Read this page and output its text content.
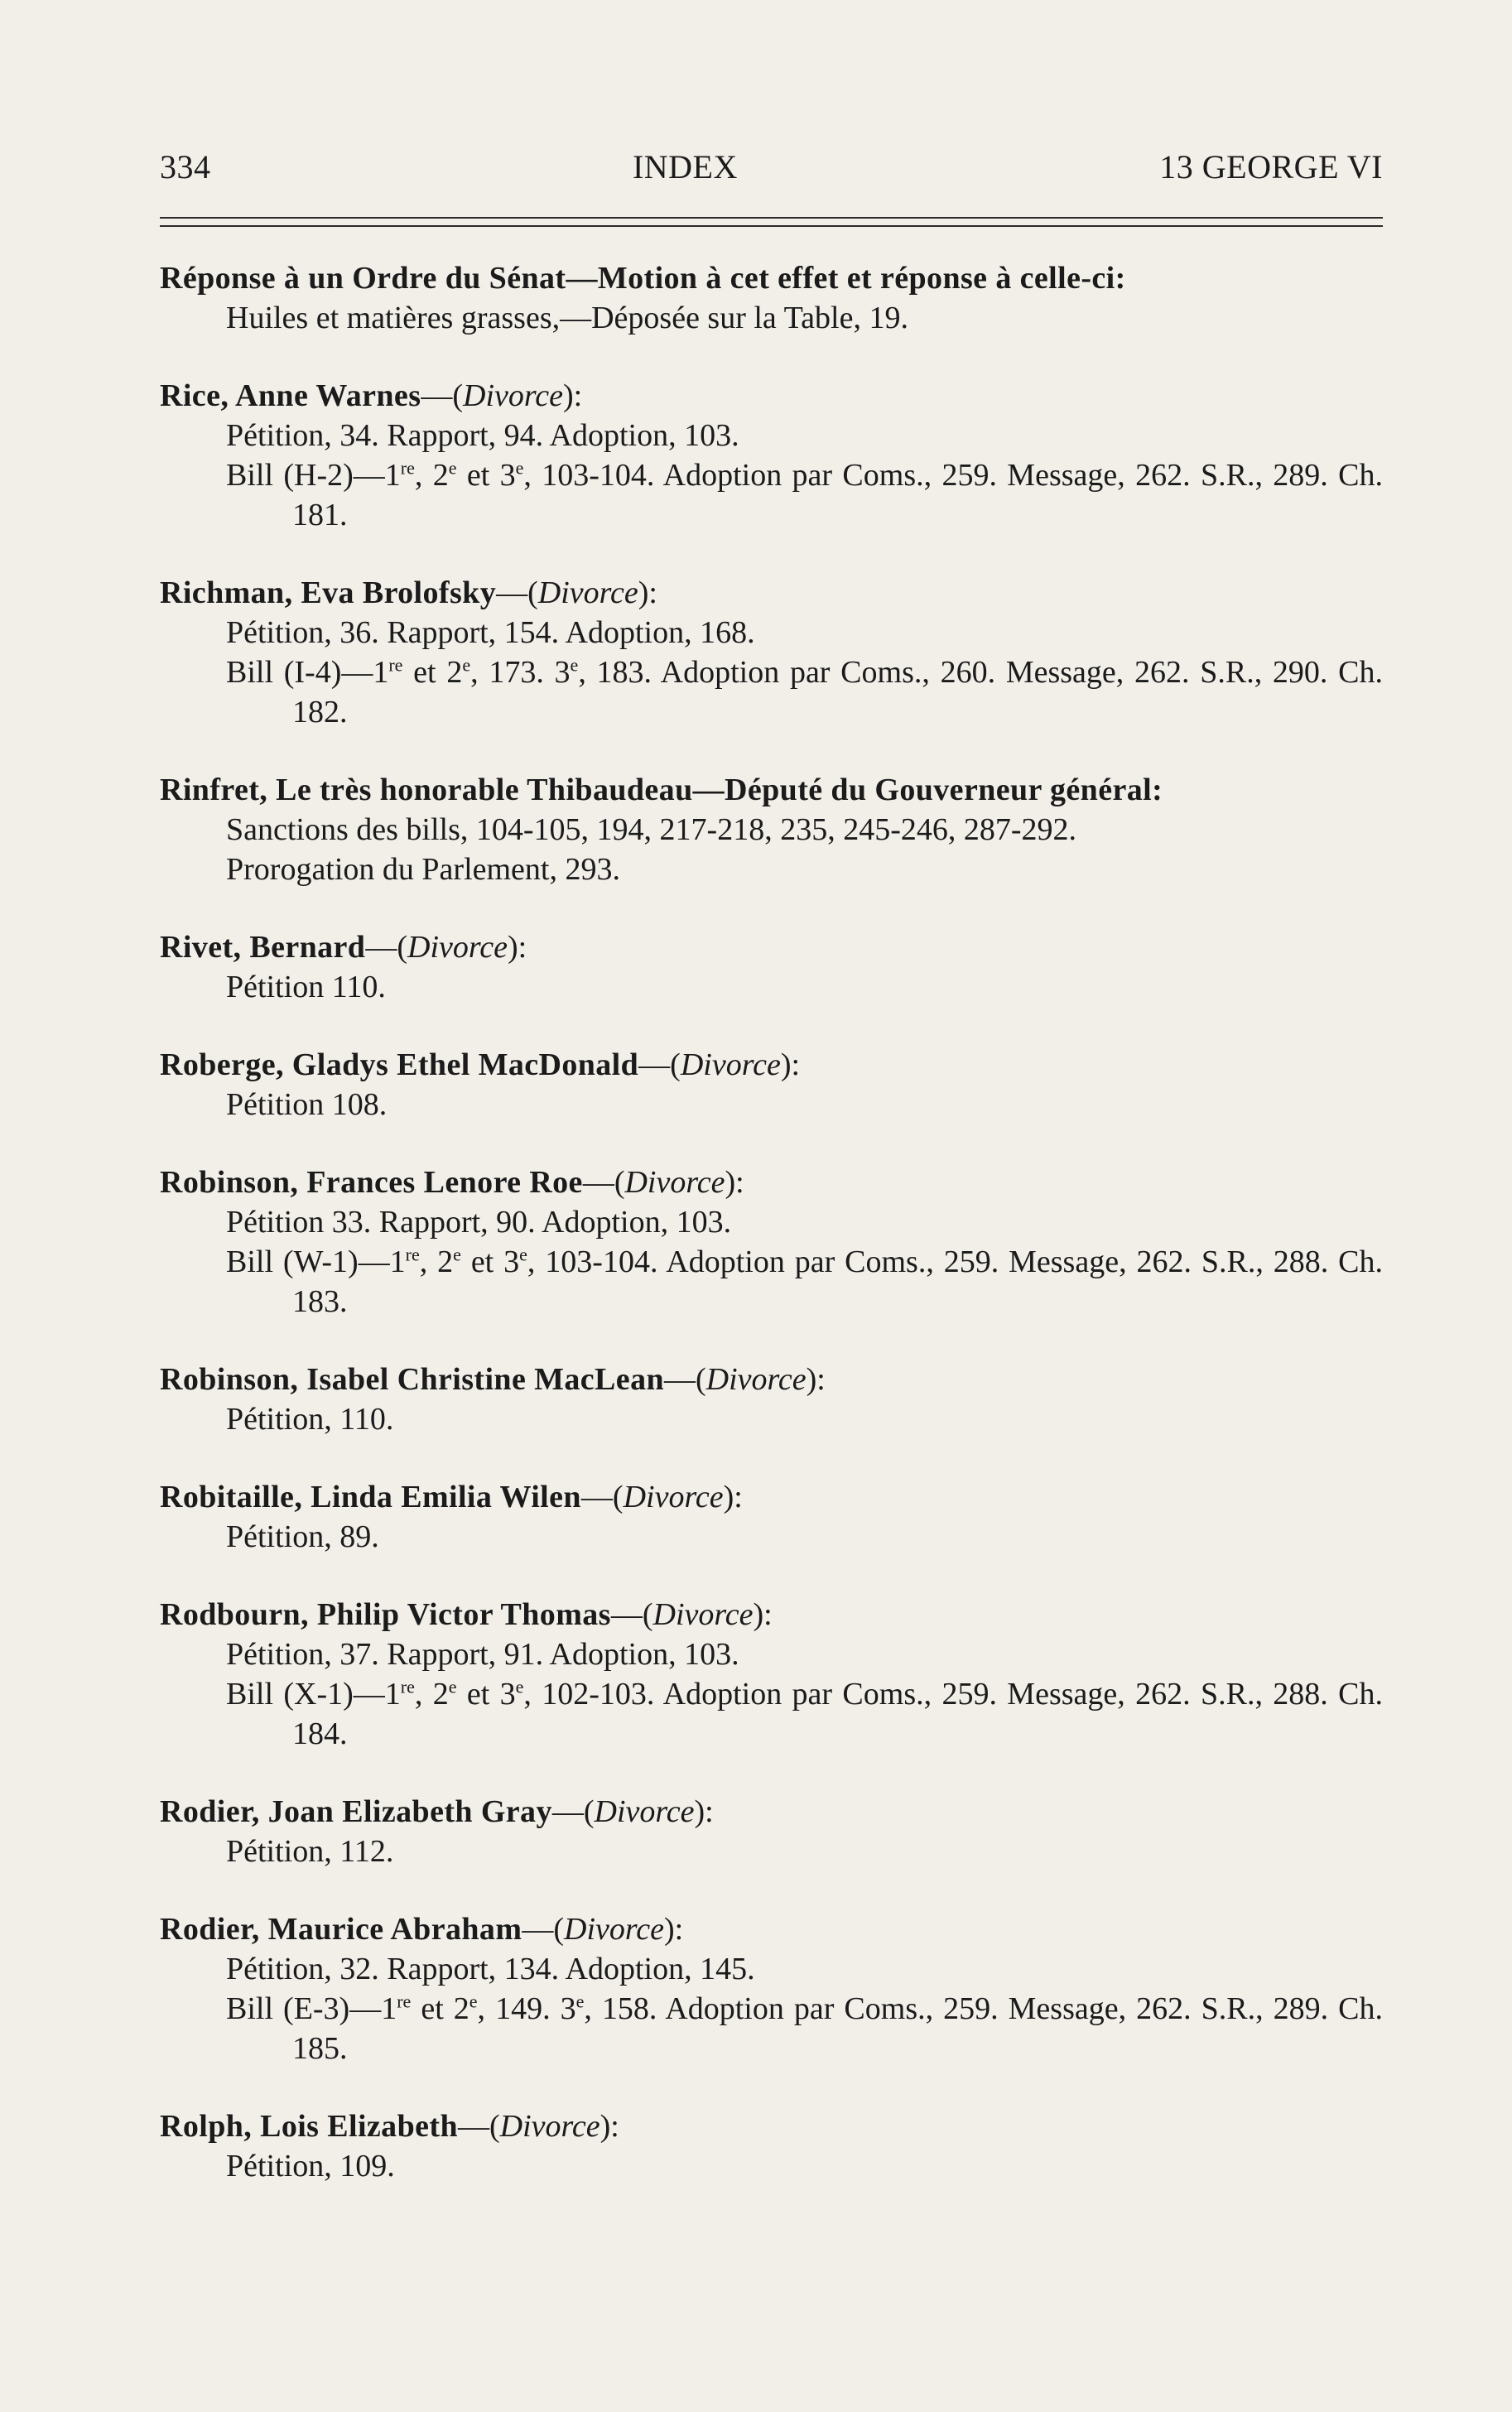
334	INDEX	13 GEORGE VI
Réponse à un Ordre du Sénat—Motion à cet effet et réponse à celle-ci:
Huiles et matières grasses,—Déposée sur la Table, 19.
Rice, Anne Warnes—(Divorce):
Pétition, 34. Rapport, 94. Adoption, 103.
Bill (H-2)—1re, 2e et 3e, 103-104. Adoption par Coms., 259. Message, 262. S.R., 289. Ch. 181.
Richman, Eva Brolofsky—(Divorce):
Pétition, 36. Rapport, 154. Adoption, 168.
Bill (I-4)—1re et 2e, 173. 3e, 183. Adoption par Coms., 260. Message, 262. S.R., 290. Ch. 182.
Rinfret, Le très honorable Thibaudeau—Député du Gouverneur général:
Sanctions des bills, 104-105, 194, 217-218, 235, 245-246, 287-292.
Prorogation du Parlement, 293.
Rivet, Bernard—(Divorce):
Pétition 110.
Roberge, Gladys Ethel MacDonald—(Divorce):
Pétition 108.
Robinson, Frances Lenore Roe—(Divorce):
Pétition 33. Rapport, 90. Adoption, 103.
Bill (W-1)—1re, 2e et 3e, 103-104. Adoption par Coms., 259. Message, 262. S.R., 288. Ch. 183.
Robinson, Isabel Christine MacLean—(Divorce):
Pétition, 110.
Robitaille, Linda Emilia Wilen—(Divorce):
Pétition, 89.
Rodbourn, Philip Victor Thomas—(Divorce):
Pétition, 37. Rapport, 91. Adoption, 103.
Bill (X-1)—1re, 2e et 3e, 102-103. Adoption par Coms., 259. Message, 262. S.R., 288. Ch. 184.
Rodier, Joan Elizabeth Gray—(Divorce):
Pétition, 112.
Rodier, Maurice Abraham—(Divorce):
Pétition, 32. Rapport, 134. Adoption, 145.
Bill (E-3)—1re et 2e, 149. 3e, 158. Adoption par Coms., 259. Message, 262. S.R., 289. Ch. 185.
Rolph, Lois Elizabeth—(Divorce):
Pétition, 109.
